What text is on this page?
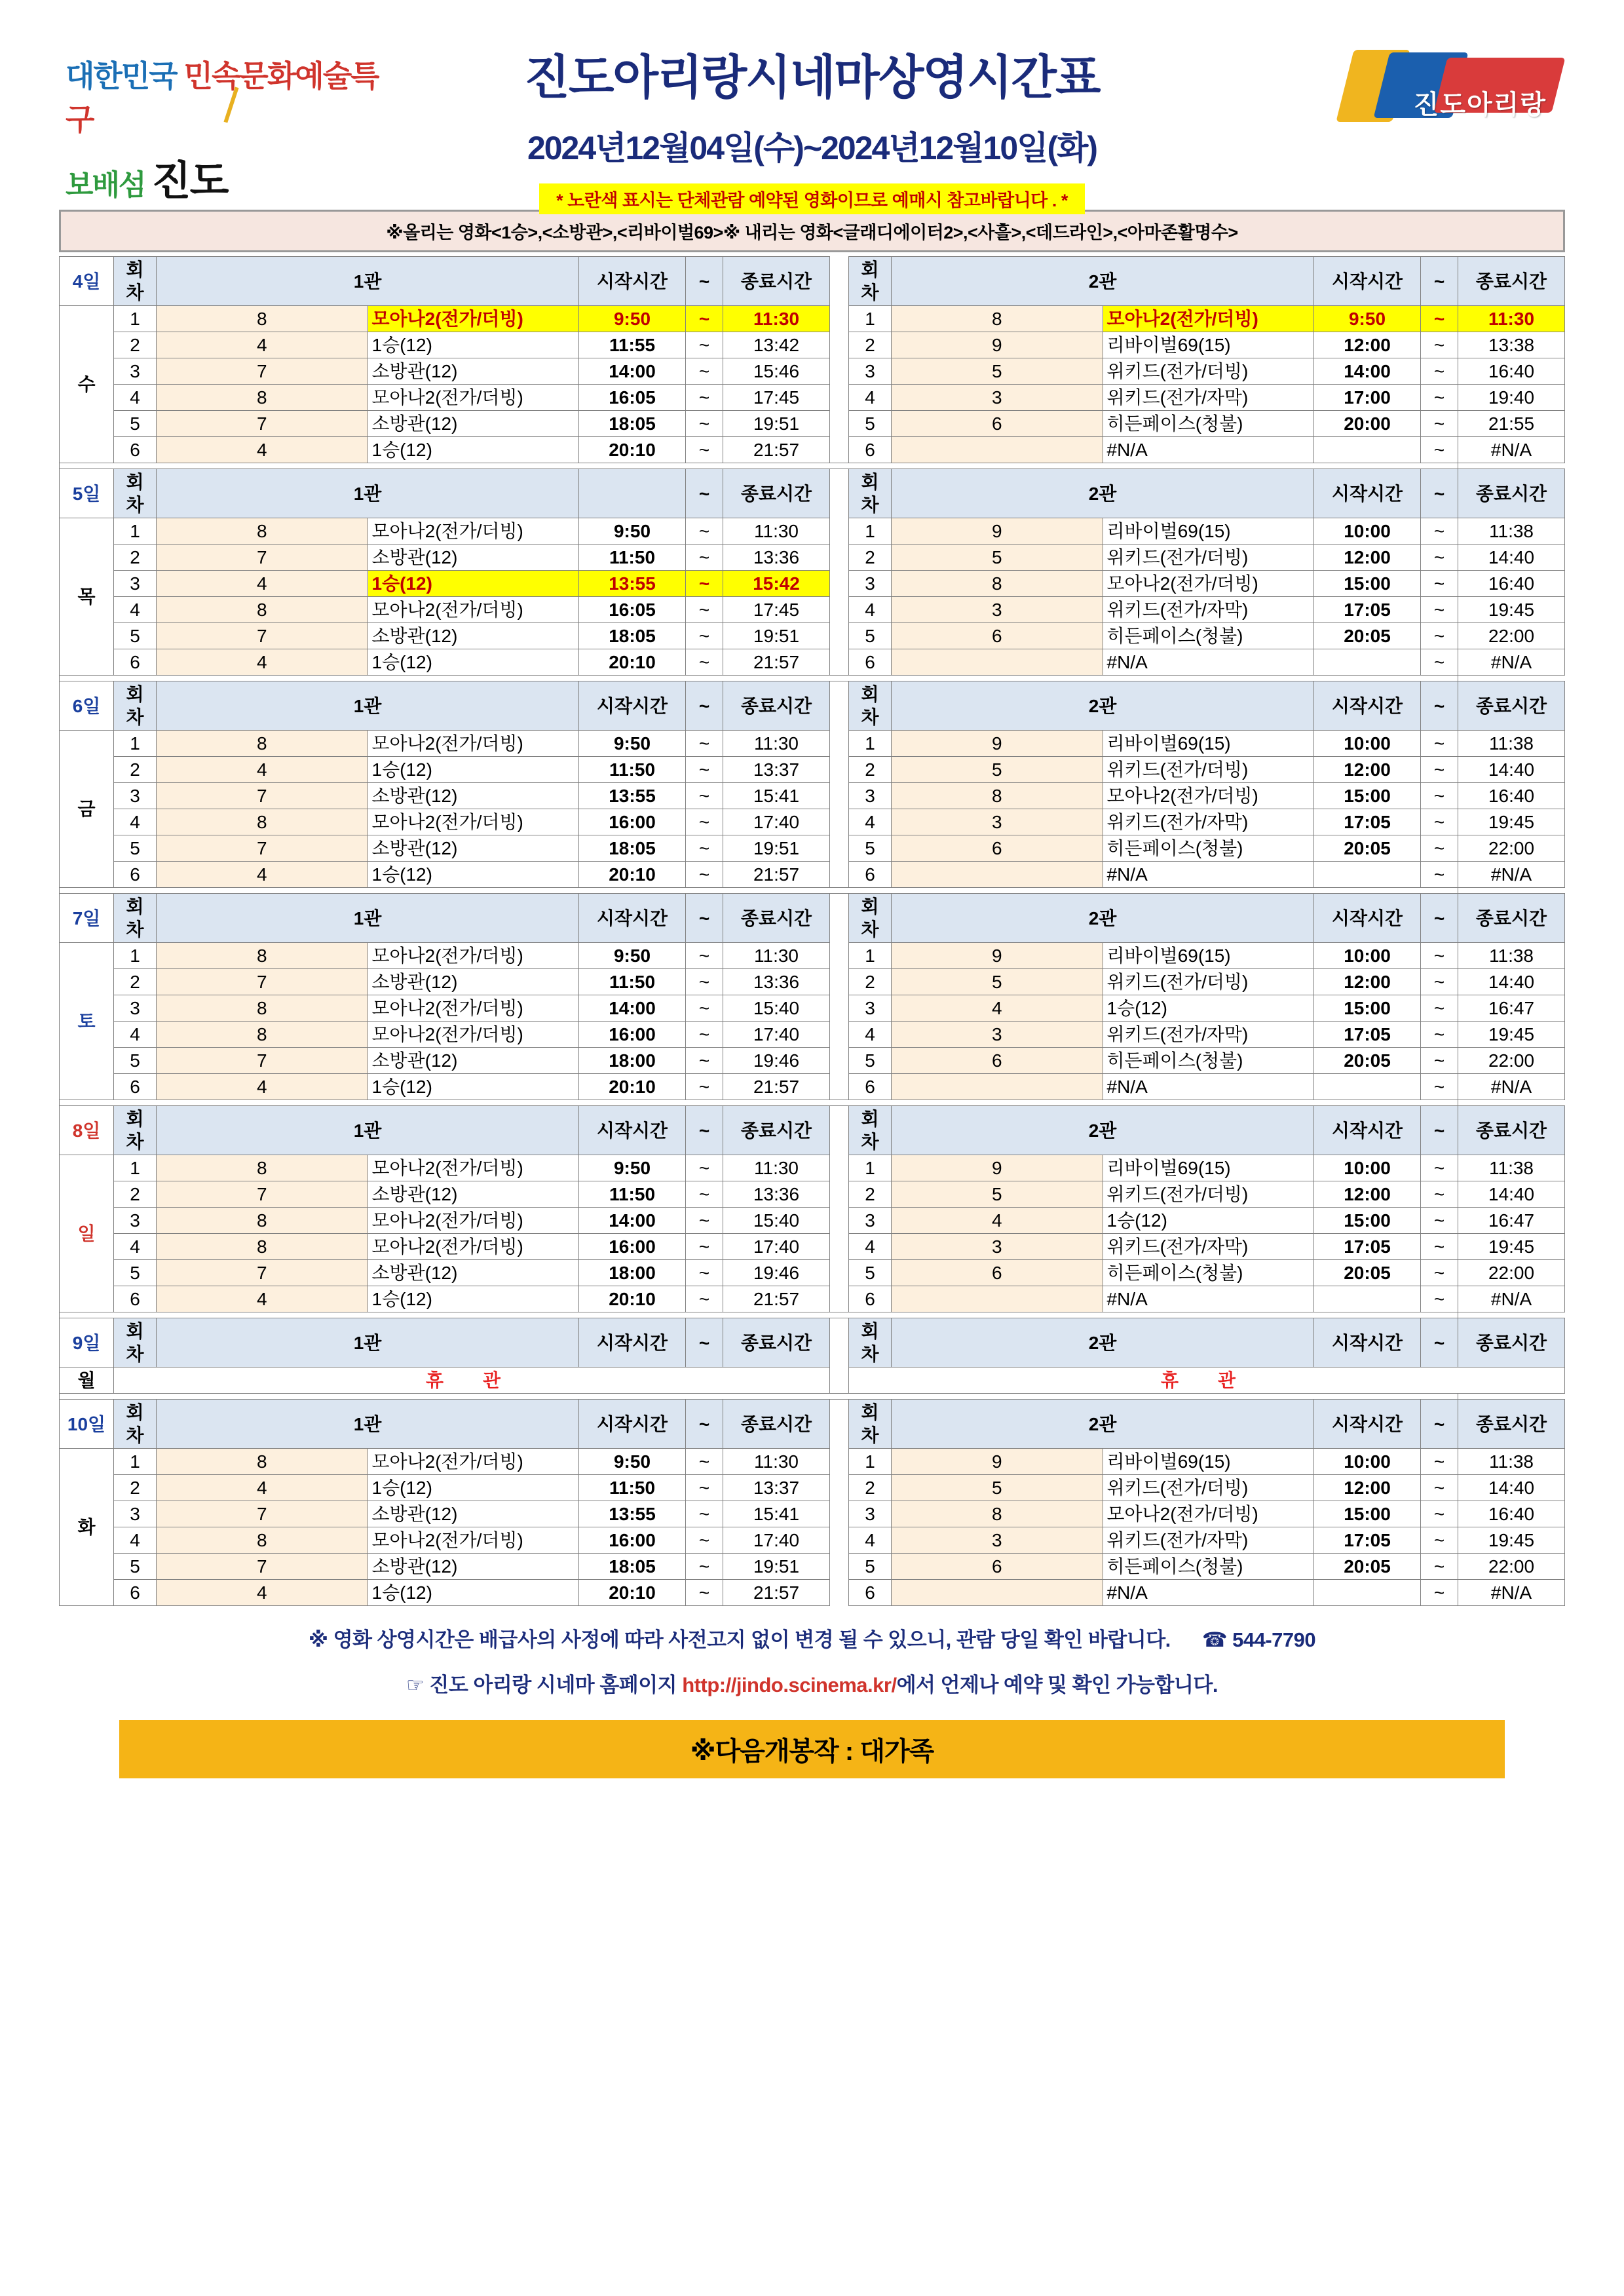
대한민국 민속문화예술특구
보배섬 진도
진도아리랑시네마상영시간표
2024년12월04일(수)~2024년12월10일(화)
* 노란색 표시는 단체관람 예약된 영화이므로 예매시 참고바랍니다 . *
진도아리랑
※올리는 영화<1승>,<소방관>,<리바이벌69>※ 내리는 영화<글래디에이터2>,<사흘>,<데드라인>,<아마존활명수>
4일	회차	1관		시작시간	~	종료시간		회차	2관		시작시간	~	종료시간
수	1	8	모아나2(전가/더빙)	9:50	~	11:30		1	8	모아나2(전가/더빙)	9:50	~	11:30
	2	4	1승(12)	11:55	~	13:42		2	9	리바이벌69(15)	12:00	~	13:38
	3	7	소방관(12)	14:00	~	15:46		3	5	위키드(전가/더빙)	14:00	~	16:40
	4	8	모아나2(전가/더빙)	16:05	~	17:45		4	3	위키드(전가/자막)	17:00	~	19:40
	5	7	소방관(12)	18:05	~	19:51		5	6	히든페이스(청불)	20:00	~	21:55
	6	4	1승(12)	20:10	~	21:57		6		#N/A		~	#N/A

5일	회차	1관			~	종료시간		회차	2관		시작시간	~	종료시간
목	1	8	모아나2(전가/더빙)	9:50	~	11:30		1	9	리바이벌69(15)	10:00	~	11:38
	2	7	소방관(12)	11:50	~	13:36		2	5	위키드(전가/더빙)	12:00	~	14:40
	3	4	1승(12)	13:55	~	15:42		3	8	모아나2(전가/더빙)	15:00	~	16:40
	4	8	모아나2(전가/더빙)	16:05	~	17:45		4	3	위키드(전가/자막)	17:05	~	19:45
	5	7	소방관(12)	18:05	~	19:51		5	6	히든페이스(청불)	20:05	~	22:00
	6	4	1승(12)	20:10	~	21:57		6		#N/A		~	#N/A

6일	회차	1관		시작시간	~	종료시간		회차	2관		시작시간	~	종료시간
금	1	8	모아나2(전가/더빙)	9:50	~	11:30		1	9	리바이벌69(15)	10:00	~	11:38
	2	4	1승(12)	11:50	~	13:37		2	5	위키드(전가/더빙)	12:00	~	14:40
	3	7	소방관(12)	13:55	~	15:41		3	8	모아나2(전가/더빙)	15:00	~	16:40
	4	8	모아나2(전가/더빙)	16:00	~	17:40		4	3	위키드(전가/자막)	17:05	~	19:45
	5	7	소방관(12)	18:05	~	19:51		5	6	히든페이스(청불)	20:05	~	22:00
	6	4	1승(12)	20:10	~	21:57		6		#N/A		~	#N/A

7일	회차	1관		시작시간	~	종료시간		회차	2관		시작시간	~	종료시간
토	1	8	모아나2(전가/더빙)	9:50	~	11:30		1	9	리바이벌69(15)	10:00	~	11:38
	2	7	소방관(12)	11:50	~	13:36		2	5	위키드(전가/더빙)	12:00	~	14:40
	3	8	모아나2(전가/더빙)	14:00	~	15:40		3	4	1승(12)	15:00	~	16:47
	4	8	모아나2(전가/더빙)	16:00	~	17:40		4	3	위키드(전가/자막)	17:05	~	19:45
	5	7	소방관(12)	18:00	~	19:46		5	6	히든페이스(청불)	20:05	~	22:00
	6	4	1승(12)	20:10	~	21:57		6		#N/A		~	#N/A

8일	회차	1관		시작시간	~	종료시간		회차	2관		시작시간	~	종료시간
일	1	8	모아나2(전가/더빙)	9:50	~	11:30		1	9	리바이벌69(15)	10:00	~	11:38
	2	7	소방관(12)	11:50	~	13:36		2	5	위키드(전가/더빙)	12:00	~	14:40
	3	8	모아나2(전가/더빙)	14:00	~	15:40		3	4	1승(12)	15:00	~	16:47
	4	8	모아나2(전가/더빙)	16:00	~	17:40		4	3	위키드(전가/자막)	17:05	~	19:45
	5	7	소방관(12)	18:00	~	19:46		5	6	히든페이스(청불)	20:05	~	22:00
	6	4	1승(12)	20:10	~	21:57		6		#N/A		~	#N/A

9일	회차	1관		시작시간	~	종료시간		회차	2관		시작시간	~	종료시간
월	휴 관							휴 관					

10일	회차	1관		시작시간	~	종료시간		회차	2관		시작시간	~	종료시간
화	1	8	모아나2(전가/더빙)	9:50	~	11:30		1	9	리바이벌69(15)	10:00	~	11:38
	2	4	1승(12)	11:50	~	13:37		2	5	위키드(전가/더빙)	12:00	~	14:40
	3	7	소방관(12)	13:55	~	15:41		3	8	모아나2(전가/더빙)	15:00	~	16:40
	4	8	모아나2(전가/더빙)	16:00	~	17:40		4	3	위키드(전가/자막)	17:05	~	19:45
	5	7	소방관(12)	18:05	~	19:51		5	6	히든페이스(청불)	20:05	~	22:00
	6	4	1승(12)	20:10	~	21:57		6		#N/A		~	#N/A
※ 영화 상영시간은 배급사의 사정에 따라 사전고지 없이 변경 될 수 있으니, 관람 당일 확인 바랍니다. ☎ 544-7790
☞ 진도 아리랑 시네마 홈페이지 http://jindo.scinema.kr/에서 언제나 예약 및 확인 가능합니다.
※다음개봉작 : 대가족
